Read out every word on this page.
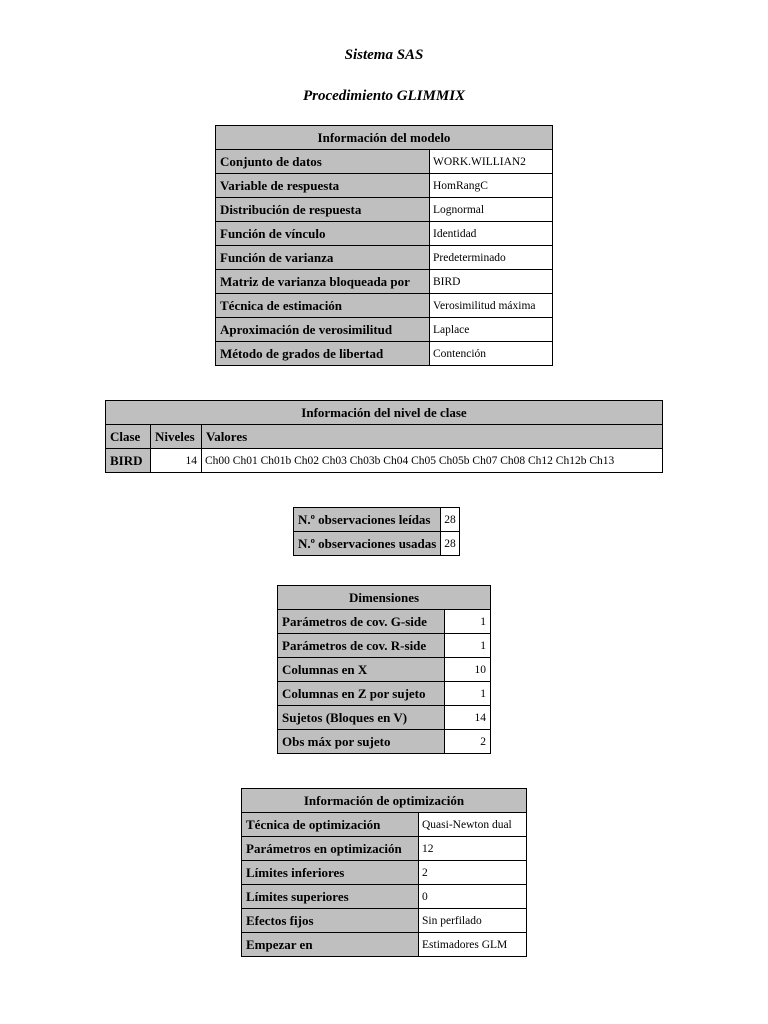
Sistema SAS
Procedimiento GLIMMIX
Información del modelo	
Conjunto de datos	WORK.WILLIAN2
Variable de respuesta	HomRangC
Distribución de respuesta	Lognormal
Función de vínculo	Identidad
Función de varianza	Predeterminado
Matriz de varianza bloqueada por	BIRD
Técnica de estimación	Verosimilitud máxima
Aproximación de verosimilitud	Laplace
Método de grados de libertad	Contención
Información del nivel de clase		
Clase	Niveles	Valores
BIRD	14	Ch00 Ch01 Ch01b Ch02 Ch03 Ch03b Ch04 Ch05 Ch05b Ch07 Ch08 Ch12 Ch12b Ch13
N.º observaciones leídas	28
N.º observaciones usadas	28
Dimensiones	
Parámetros de cov. G-side	1
Parámetros de cov. R-side	1
Columnas en X	10
Columnas en Z por sujeto	1
Sujetos (Bloques en V)	14
Obs máx por sujeto	2
Información de optimización	
Técnica de optimización	Quasi-Newton dual
Parámetros en optimización	12
Límites inferiores	2
Límites superiores	0
Efectos fijos	Sin perfilado
Empezar en	Estimadores GLM
